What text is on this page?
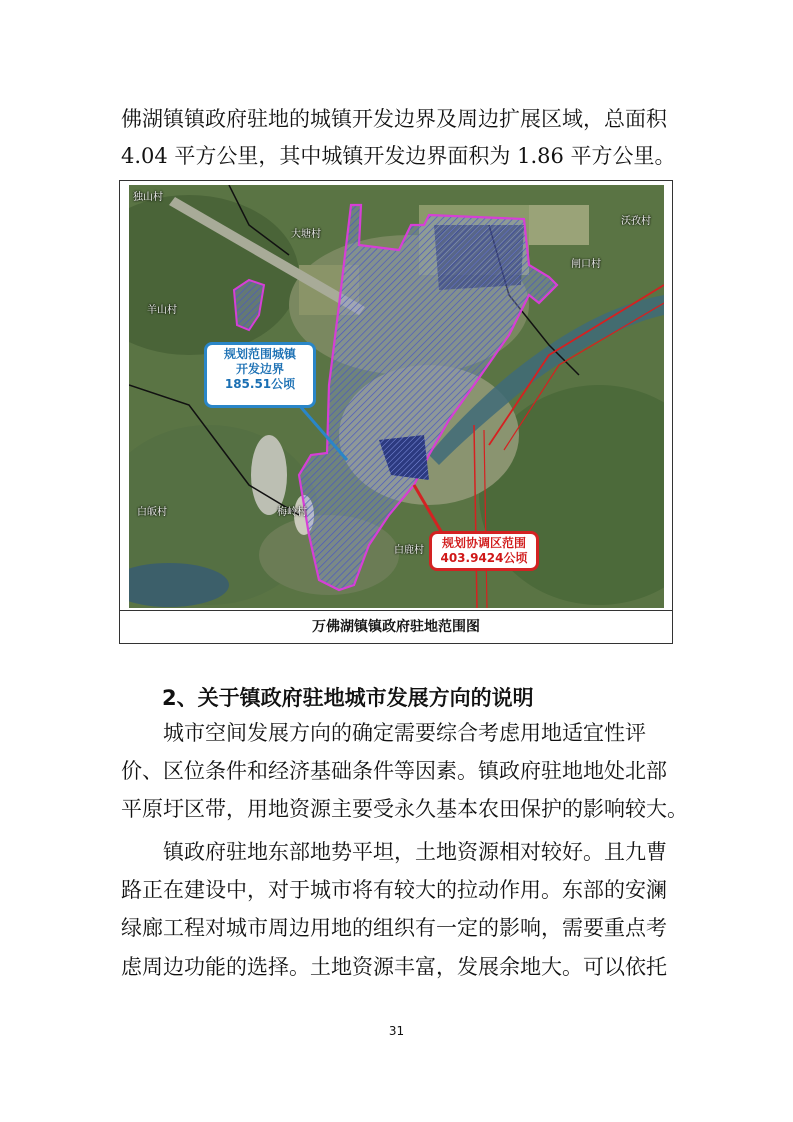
佛湖镇镇政府驻地的城镇开发边界及周边扩展区域，总面积
4.04 平方公里，其中城镇开发边界面积为 1.86 平方公里。
独山村
大塘村
沃孜村
闸口村
羊山村
白皈村	梅岭村
白鹿村
规划范围城镇
开发边界
185.51公顷
规划协调区范围
403.9424公顷
万佛湖镇镇政府驻地范围图
2、关于镇政府驻地城市发展方向的说明
城市空间发展方向的确定需要综合考虑用地适宜性评
价、区位条件和经济基础条件等因素。镇政府驻地地处北部
平原圩区带，用地资源主要受永久基本农田保护的影响较大。
镇政府驻地东部地势平坦，土地资源相对较好。且九曹
路正在建设中，对于城市将有较大的拉动作用。东部的安澜
绿廊工程对城市周边用地的组织有一定的影响，需要重点考
虑周边功能的选择。土地资源丰富，发展余地大。可以依托
31
